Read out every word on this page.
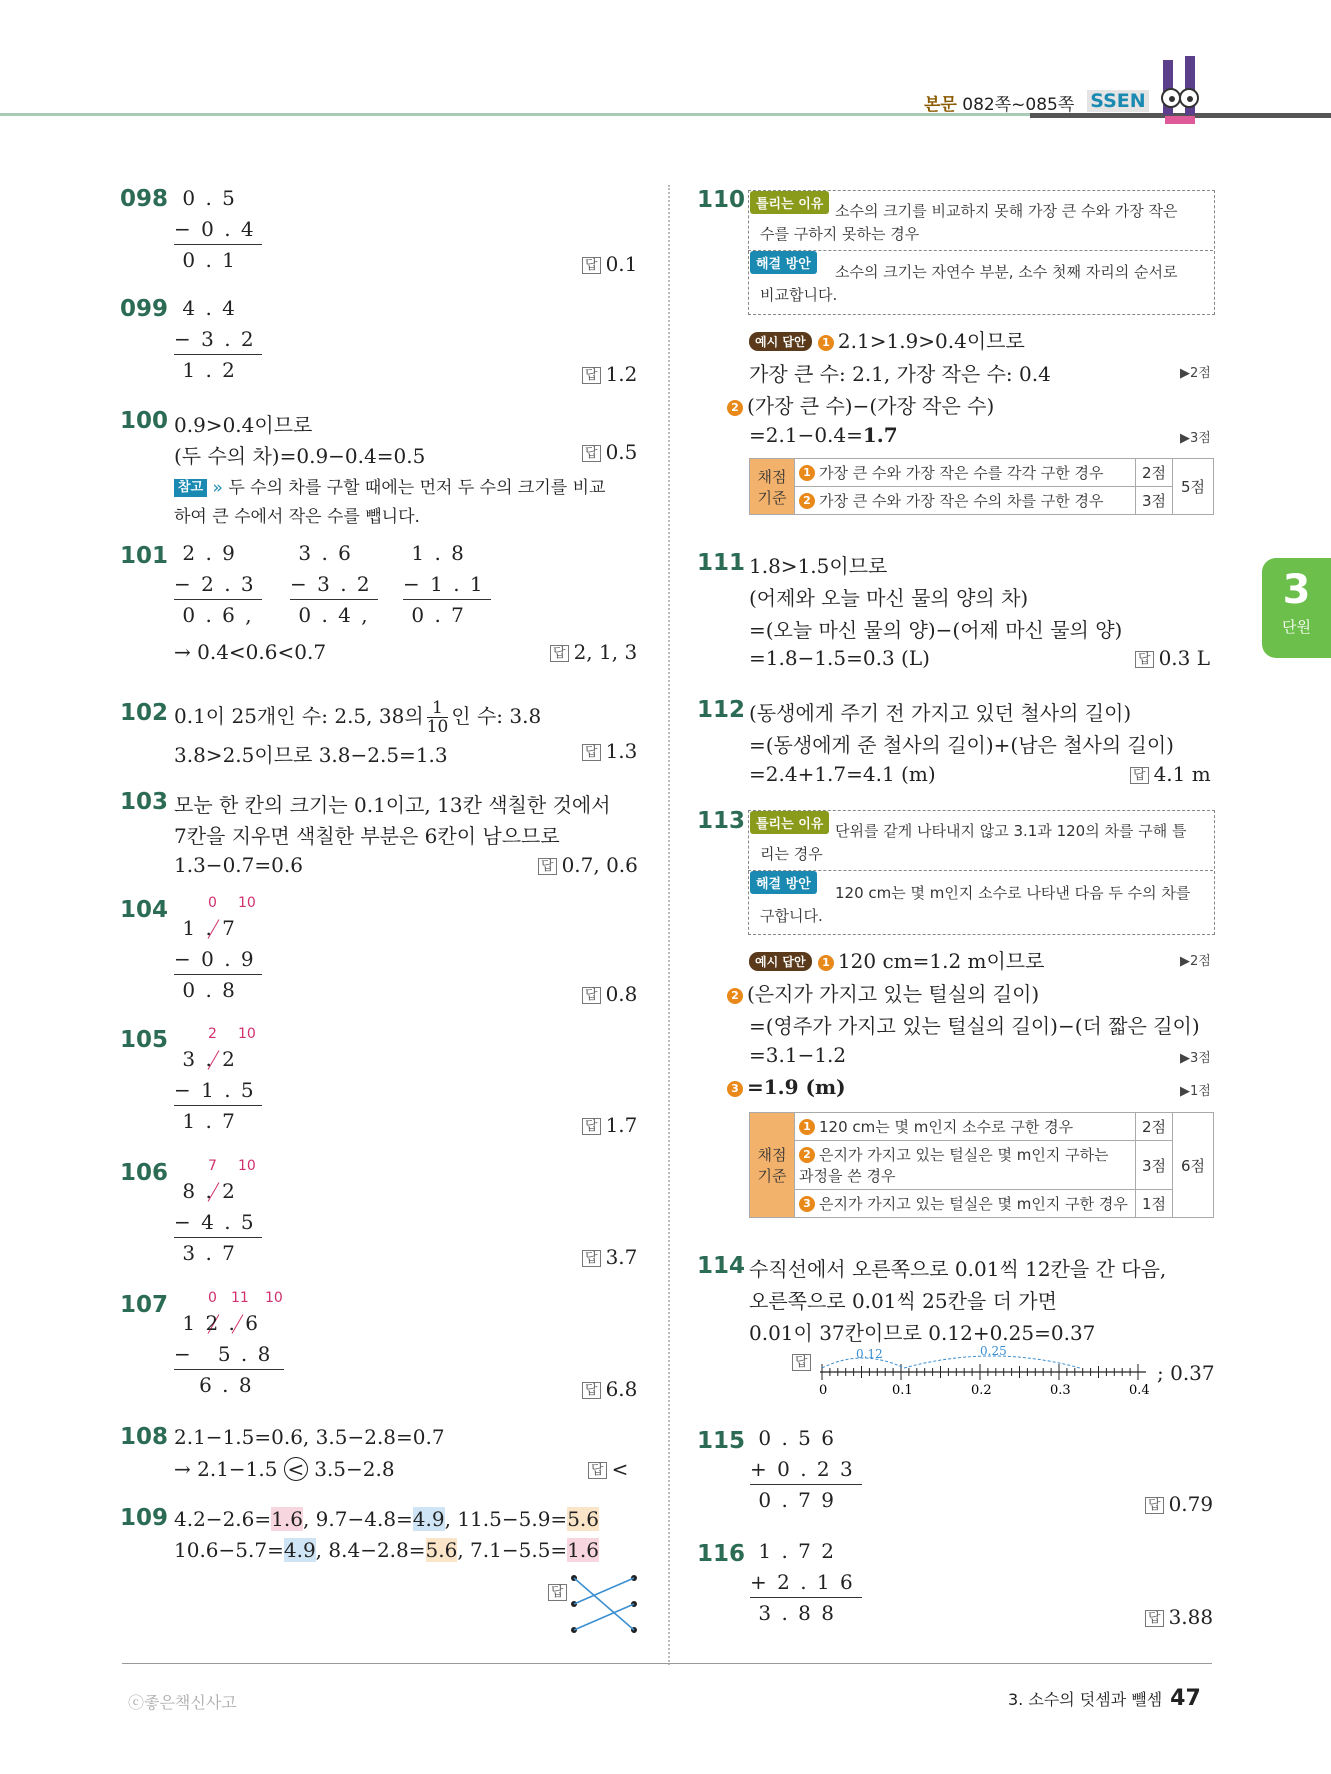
본문 082쪽~085쪽 SSEN
098 0 . 5
− 0 . 4
0 . 1	답 0.1
099 4 . 4
− 3 . 2
1 . 2	답 1.2
100 0.9>0.4이므로
(두 수의 차)=0.9−0.4=0.5	답 0.5
참고 » 두 수의 차를 구할 때에는 먼저 두 수의 크기를 비교
하여 큰 수에서 작은 수를 뺍니다.
101 2 . 9
− 2 . 3
0 . 6 ,
3 . 6
− 3 . 2
0 . 4 ,
1 . 8
− 1 . 1
0 . 7
→ 0.4<0.6<0.7	답 2, 1, 3
102 0.1이 25개인 수: 2.5, 38의 $\frac{1}{10}$ 인 수: 3.8
3.8>2.5이므로 3.8−2.5=1.3	답 1.3
103 모눈 한 칸의 크기는 0.1이고, 13칸 색칠한 것에서
7칸을 지우면 색칠한 부분은 6칸이 남으므로
1.3−0.7=0.6	답 0.7, 0.6
104	0 10
1 . 7
− 0 . 9
0 . 8	답 0.8
105	2 10
3 . 2
− 1 . 5
1 . 7	답 1.7
106	7 10
8 . 2
− 4 . 5
3 . 7	답 3.7
107	0 11 10
1 2 . 6
−   5 . 8
6 . 8	답 6.8
108 2.1−1.5=0.6, 3.5−2.8=0.7
→ 2.1−1.5 < 3.5−2.8	답 <
109 4.2−2.6=1.6, 9.7−4.8=4.9, 11.5−5.9=5.6
10.6−5.7=4.9, 8.4−2.8=5.6, 7.1−5.5=1.6
답
110 틀리는 이유 소수의 크기를 비교하지 못해 가장 큰 수와 가장 작은
수를 구하지 못하는 경우
해결 방안	소수의 크기는 자연수 부분, 소수 첫째 자리의 순서로
비교합니다.
예시 답안 1 2.1>1.9>0.4이므로
가장 큰 수: 2.1, 가장 작은 수: 0.4	▶2점
2 (가장 큰 수)−(가장 작은 수)
=2.1−0.4=1.7	▶3점
채점 기준	1 가장 큰 수와 가장 작은 수를 각각 구한 경우	2점	5점
	2 가장 큰 수와 가장 작은 수의 차를 구한 경우	3점	
111 1.8>1.5이므로
(어제와 오늘 마신 물의 양의 차)
=(오늘 마신 물의 양)−(어제 마신 물의 양)
=1.8−1.5=0.3 (L)	답 0.3 L
112 (동생에게 주기 전 가지고 있던 철사의 길이)
=(동생에게 준 철사의 길이)+(남은 철사의 길이)
=2.4+1.7=4.1 (m)	답 4.1 m
113 틀리는 이유 단위를 같게 나타내지 않고 3.1과 120의 차를 구해 틀
리는 경우
해결 방안	120 cm는 몇 m인지 소수로 나타낸 다음 두 수의 차를
구합니다.
예시 답안 1 120 cm=1.2 m이므로	▶2점
2 (은지가 가지고 있는 털실의 길이)
=(영주가 가지고 있는 털실의 길이)−(더 짧은 길이)
=3.1−1.2	▶3점
3 =1.9 (m)	▶1점
채점 기준	1 120 cm는 몇 m인지 소수로 구한 경우	2점	6점
	2 은지가 가지고 있는 털실은 몇 m인지 구하는
과정을 쓴 경우	3점	
	3 은지가 가지고 있는 털실은 몇 m인지 구한 경우	1점	
114 수직선에서 오른쪽으로 0.01씩 12칸을 간 다음,
오른쪽으로 0.01씩 25칸을 더 가면
0.01이 37칸이므로 0.12+0.25=0.37
답
0.12	0.25
0	0.1	0.2	0.3	0.4
; 0.37
115 0 . 5 6
+ 0 . 2 3
0 . 7 9	답 0.79
116 1 . 7 2
+ 2 . 1 6
3 . 8 8	답 3.88
3
단원
ⓒ좋은책신사고	3. 소수의 덧셈과 뺄셈 47
